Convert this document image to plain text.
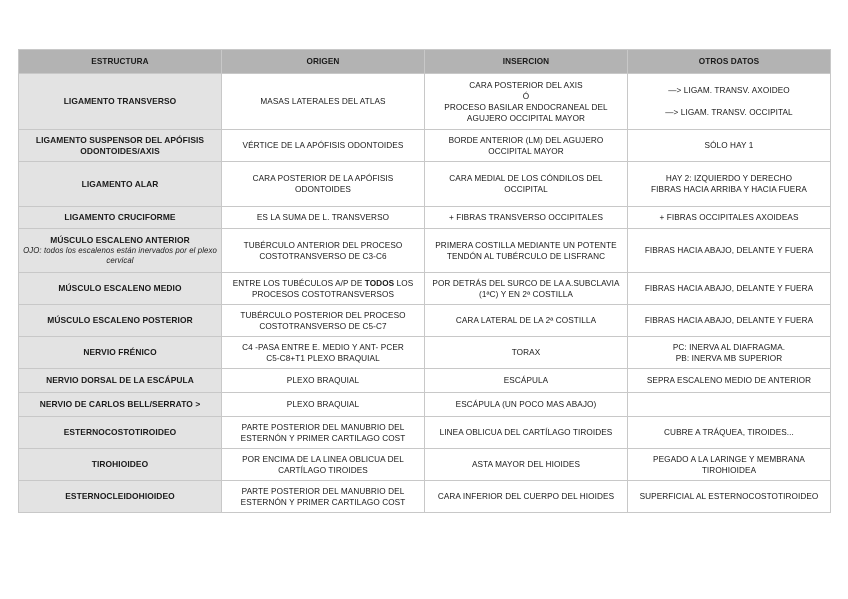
ESTRUCTURA	ORIGEN	INSERCION	OTROS DATOS
LIGAMENTO TRANSVERSO	MASAS LATERALES DEL ATLAS	CARA POSTERIOR DEL AXIS
Ó
PROCESO BASILAR ENDOCRANEAL DEL
AGUJERO OCCIPITAL MAYOR	—> LIGAM. TRANSV. AXOIDEO
—> LIGAM. TRANSV. OCCIPITAL

LIGAMENTO SUSPENSOR DEL APÓFISIS ODONTOIDES/AXIS	VÉRTICE DE LA APÓFISIS ODONTOIDES	BORDE ANTERIOR (LM) DEL AGUJERO OCCIPITAL MAYOR	SÓLO HAY 1
LIGAMENTO ALAR	CARA POSTERIOR DE LA APÓFISIS ODONTOIDES	CARA MEDIAL DE LOS CÓNDILOS DEL OCCIPITAL	HAY 2: IZQUIERDO Y DERECHO
FIBRAS HACIA ARRIBA Y HACIA FUERA

LIGAMENTO CRUCIFORME	ES LA SUMA DE L. TRANSVERSO	+ FIBRAS TRANSVERSO OCCIPITALES	+ FIBRAS OCCIPITALES AXOIDEAS

MÚSCULO ESCALENO ANTERIOR
OJO: todos los escalenos están inervados por el plexo cervical	TUBÉRCULO ANTERIOR DEL PROCESO COSTOTRANSVERSO DE C3-C6	PRIMERA COSTILLA MEDIANTE UN POTENTE TENDÓN AL TUBÉRCULO DE LISFRANC	FIBRAS HACIA ABAJO, DELANTE Y FUERA
MÚSCULO ESCALENO MEDIO	ENTRE LOS TUBÉCULOS A/P DE TODOS LOS PROCESOS COSTOTRANSVERSOS	POR DETRÁS DEL SURCO DE LA A.SUBCLAVIA (1ªC) Y EN 2ª COSTILLA	FIBRAS HACIA ABAJO, DELANTE Y FUERA
MÚSCULO ESCALENO POSTERIOR	TUBÉRCULO POSTERIOR DEL PROCESO COSTOTRANSVERSO DE C5-C7	CARA LATERAL DE LA 2ª COSTILLA	FIBRAS HACIA ABAJO, DELANTE Y FUERA
NERVIO FRÉNICO	C4 -PASA ENTRE E. MEDIO Y ANT- PCER
C5-C8+T1 PLEXO BRAQUIAL	TORAX	PC: INERVA AL DIAFRAGMA.
PB: INERVA MB SUPERIOR

NERVIO DORSAL DE LA ESCÁPULA	PLEXO BRAQUIAL	ESCÁPULA	SEPRA ESCALENO MEDIO DE ANTERIOR
NERVIO DE CARLOS BELL/SERRATO >	PLEXO BRAQUIAL	ESCÁPULA (UN POCO MAS ABAJO)	
ESTERNOCOSTOTIROIDEO	PARTE POSTERIOR DEL MANUBRIO DEL ESTERNÓN Y PRIMER CARTILAGO COST	LINEA OBLICUA DEL CARTÍLAGO TIROIDES	CUBRE A TRÁQUEA, TIROIDES...
TIROHIOIDEO	POR ENCIMA DE LA LINEA OBLICUA DEL CARTÍLAGO TIROIDES	ASTA MAYOR DEL HIOIDES	PEGADO A LA LARINGE Y MEMBRANA TIROHIOIDEA
ESTERNOCLEIDOHIOIDEO	PARTE POSTERIOR DEL MANUBRIO DEL ESTERNÓN Y PRIMER CARTILAGO COST	CARA INFERIOR DEL CUERPO DEL HIOIDES	SUPERFICIAL AL ESTERNOCOSTOTIROIDEO
